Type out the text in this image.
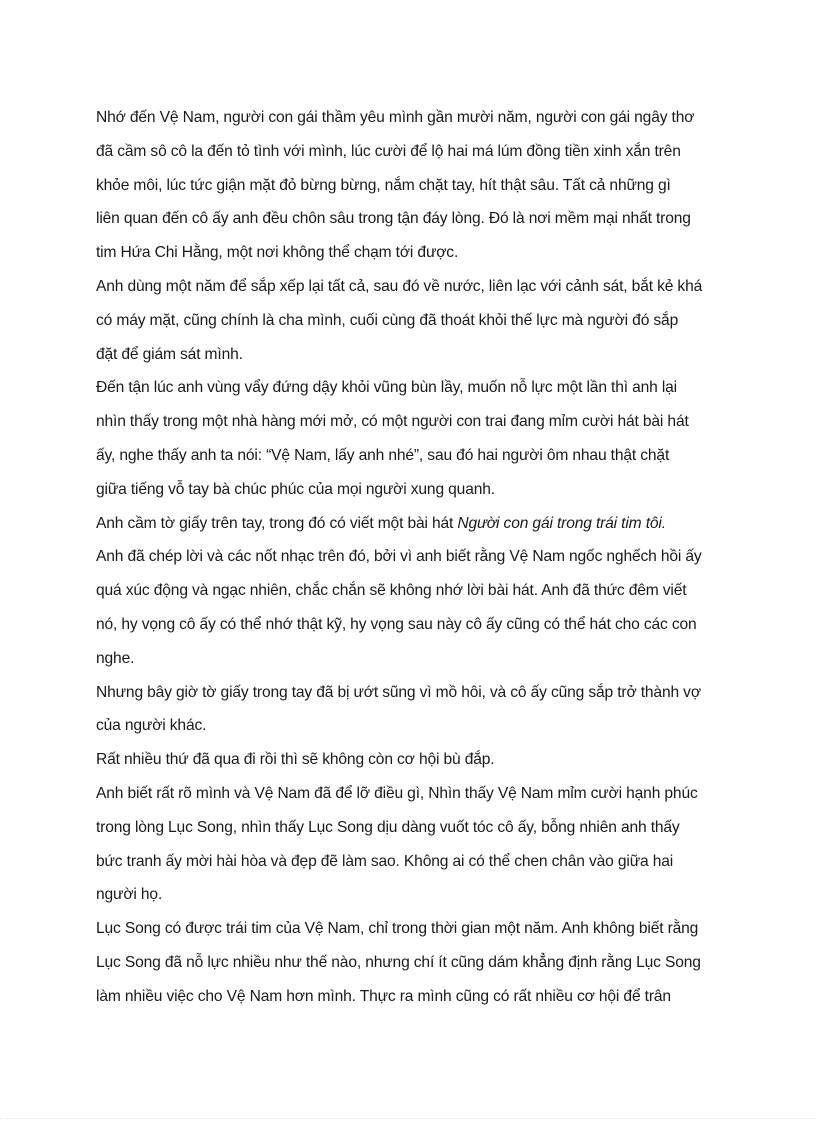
Nhớ đến Vệ Nam, người con gái thầm yêu mình gần mười năm, người con gái ngây thơ
đã cầm sô cô la đến tỏ tình với mình, lúc cười để lộ hai má lúm đồng tiền xinh xắn trên
khỏe môi, lúc tức giận mặt đỏ bừng bừng, nắm chặt tay, hít thật sâu. Tất cả những gì
liên quan đến cô ấy anh đều chôn sâu trong tận đáy lòng. Đó là nơi mềm mại nhất trong
tim Hứa Chi Hằng, một nơi không thể chạm tới được.
Anh dùng một năm để sắp xếp lại tất cả, sau đó về nước, liên lạc với cảnh sát, bắt kẻ khá
có máy mặt, cũng chính là cha mình, cuối cùng đã thoát khỏi thế lực mà người đó sắp
đặt để giám sát mình.
Đến tận lúc anh vùng vẩy đứng dậy khỏi vũng bùn lầy, muốn nỗ lực một lần thì anh lại
nhìn thấy trong một nhà hàng mới mở, có một người con trai đang mỉm cười hát bài hát
ấy, nghe thấy anh ta nói: “Vệ Nam, lấy anh nhé”, sau đó hai người ôm nhau thật chặt
giữa tiếng vỗ tay bà chúc phúc của mọi người xung quanh.
Anh cầm tờ giấy trên tay, trong đó có viết một bài hát Người con gái trong trái tim tôi.
Anh đã chép lời và các nốt nhạc trên đó, bởi vì anh biết rằng Vệ Nam ngốc nghếch hồi ấy
quá xúc động và ngạc nhiên, chắc chắn sẽ không nhớ lời bài hát. Anh đã thức đêm viết
nó, hy vọng cô ấy có thể nhớ thật kỹ, hy vọng sau này cô ấy cũng có thể hát cho các con
nghe.
Nhưng bây giờ tờ giấy trong tay đã bị ướt sũng vì mồ hôi, và cô ấy cũng sắp trở thành vợ
của người khác.
Rất nhiều thứ đã qua đi rồi thì sẽ không còn cơ hội bù đắp.
Anh biết rất rõ mình và Vệ Nam đã để lỡ điều gì, Nhìn thấy Vệ Nam mỉm cười hạnh phúc
trong lòng Lục Song, nhìn thấy Lục Song dịu dàng vuốt tóc cô ấy, bỗng nhiên anh thấy
bức tranh ấy mời hài hòa và đẹp đẽ làm sao. Không ai có thể chen chân vào giữa hai
người họ.
Lục Song có được trái tim của Vệ Nam, chỉ trong thời gian một năm. Anh không biết rằng
Lục Song đã nỗ lực nhiều như thế nào, nhưng chí ít cũng dám khẳng định rằng Lục Song
làm nhiều việc cho Vệ Nam hơn mình. Thực ra mình cũng có rất nhiều cơ hội để trân
